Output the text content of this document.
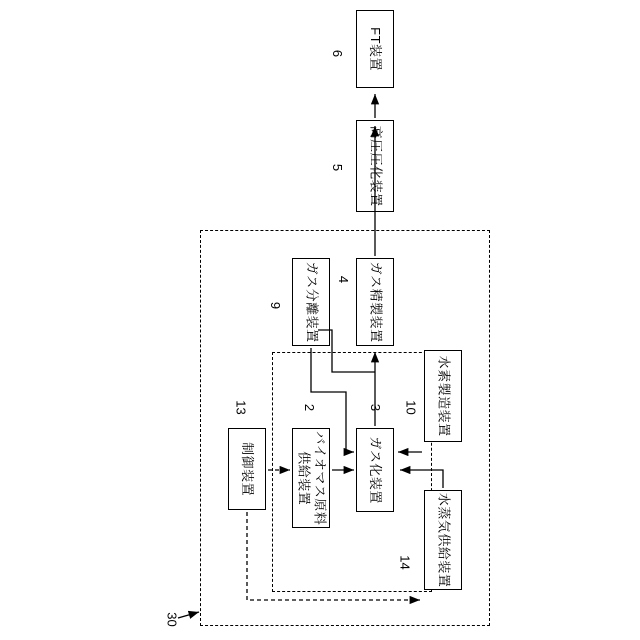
FT装置
高圧圧化装置
ガス分離装置	ガス精製装置
水素製造装置
制御装置	バイオマス原料
供給装置	ガス化装置
水蒸気供給装置
6
5
9
4
10
13	2	3
14
30
